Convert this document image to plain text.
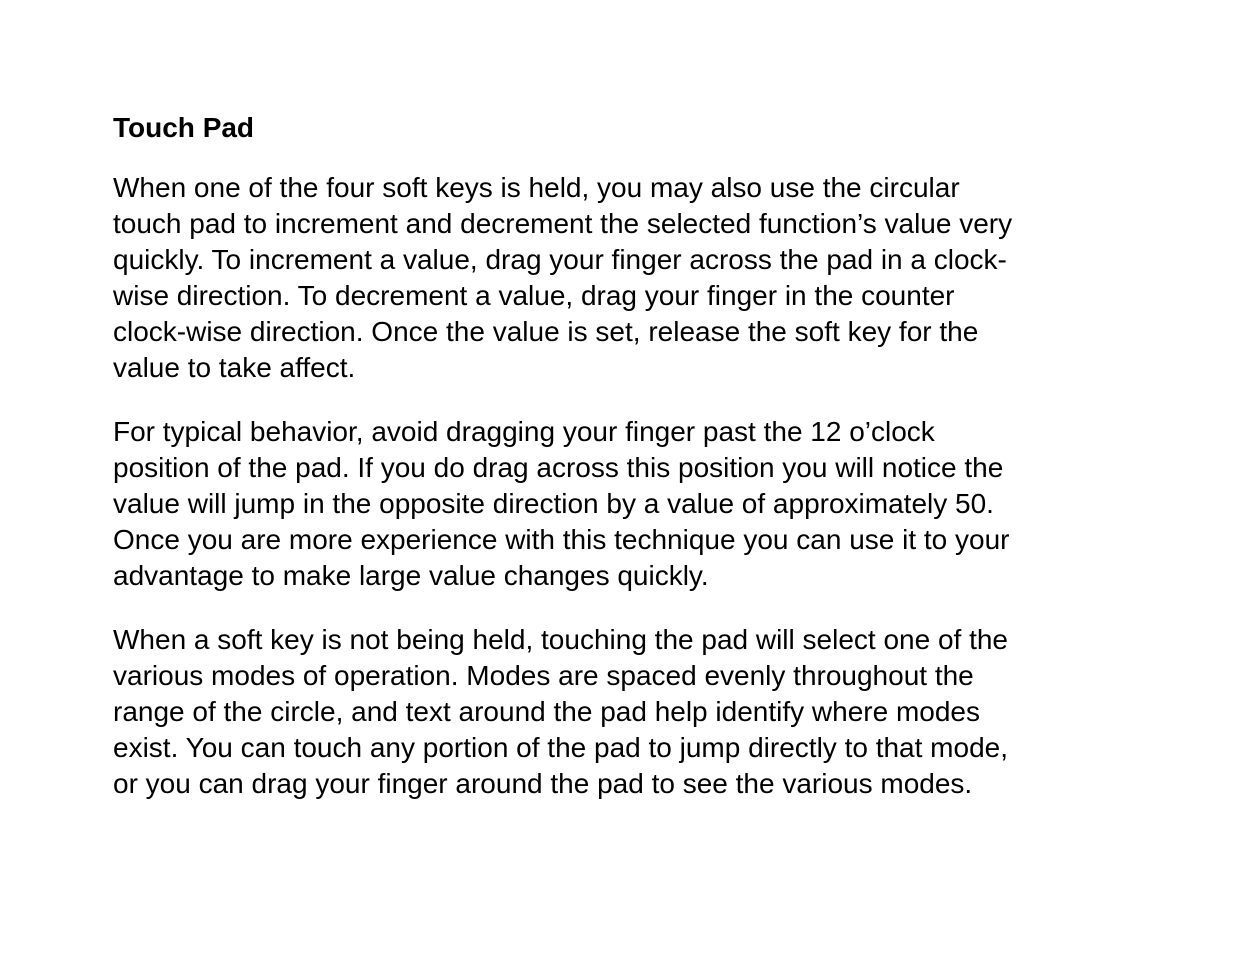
Touch Pad
When one of the four soft keys is held, you may also use the circular
touch pad to increment and decrement the selected function’s value very
quickly. To increment a value, drag your finger across the pad in a clock-
wise direction. To decrement a value, drag your finger in the counter
clock-wise direction. Once the value is set, release the soft key for the
value to take affect.
For typical behavior, avoid dragging your finger past the 12 o’clock
position of the pad. If you do drag across this position you will notice the
value will jump in the opposite direction by a value of approximately 50.
Once you are more experience with this technique you can use it to your
advantage to make large value changes quickly.
When a soft key is not being held, touching the pad will select one of the
various modes of operation. Modes are spaced evenly throughout the
range of the circle, and text around the pad help identify where modes
exist. You can touch any portion of the pad to jump directly to that mode,
or you can drag your finger around the pad to see the various modes.
